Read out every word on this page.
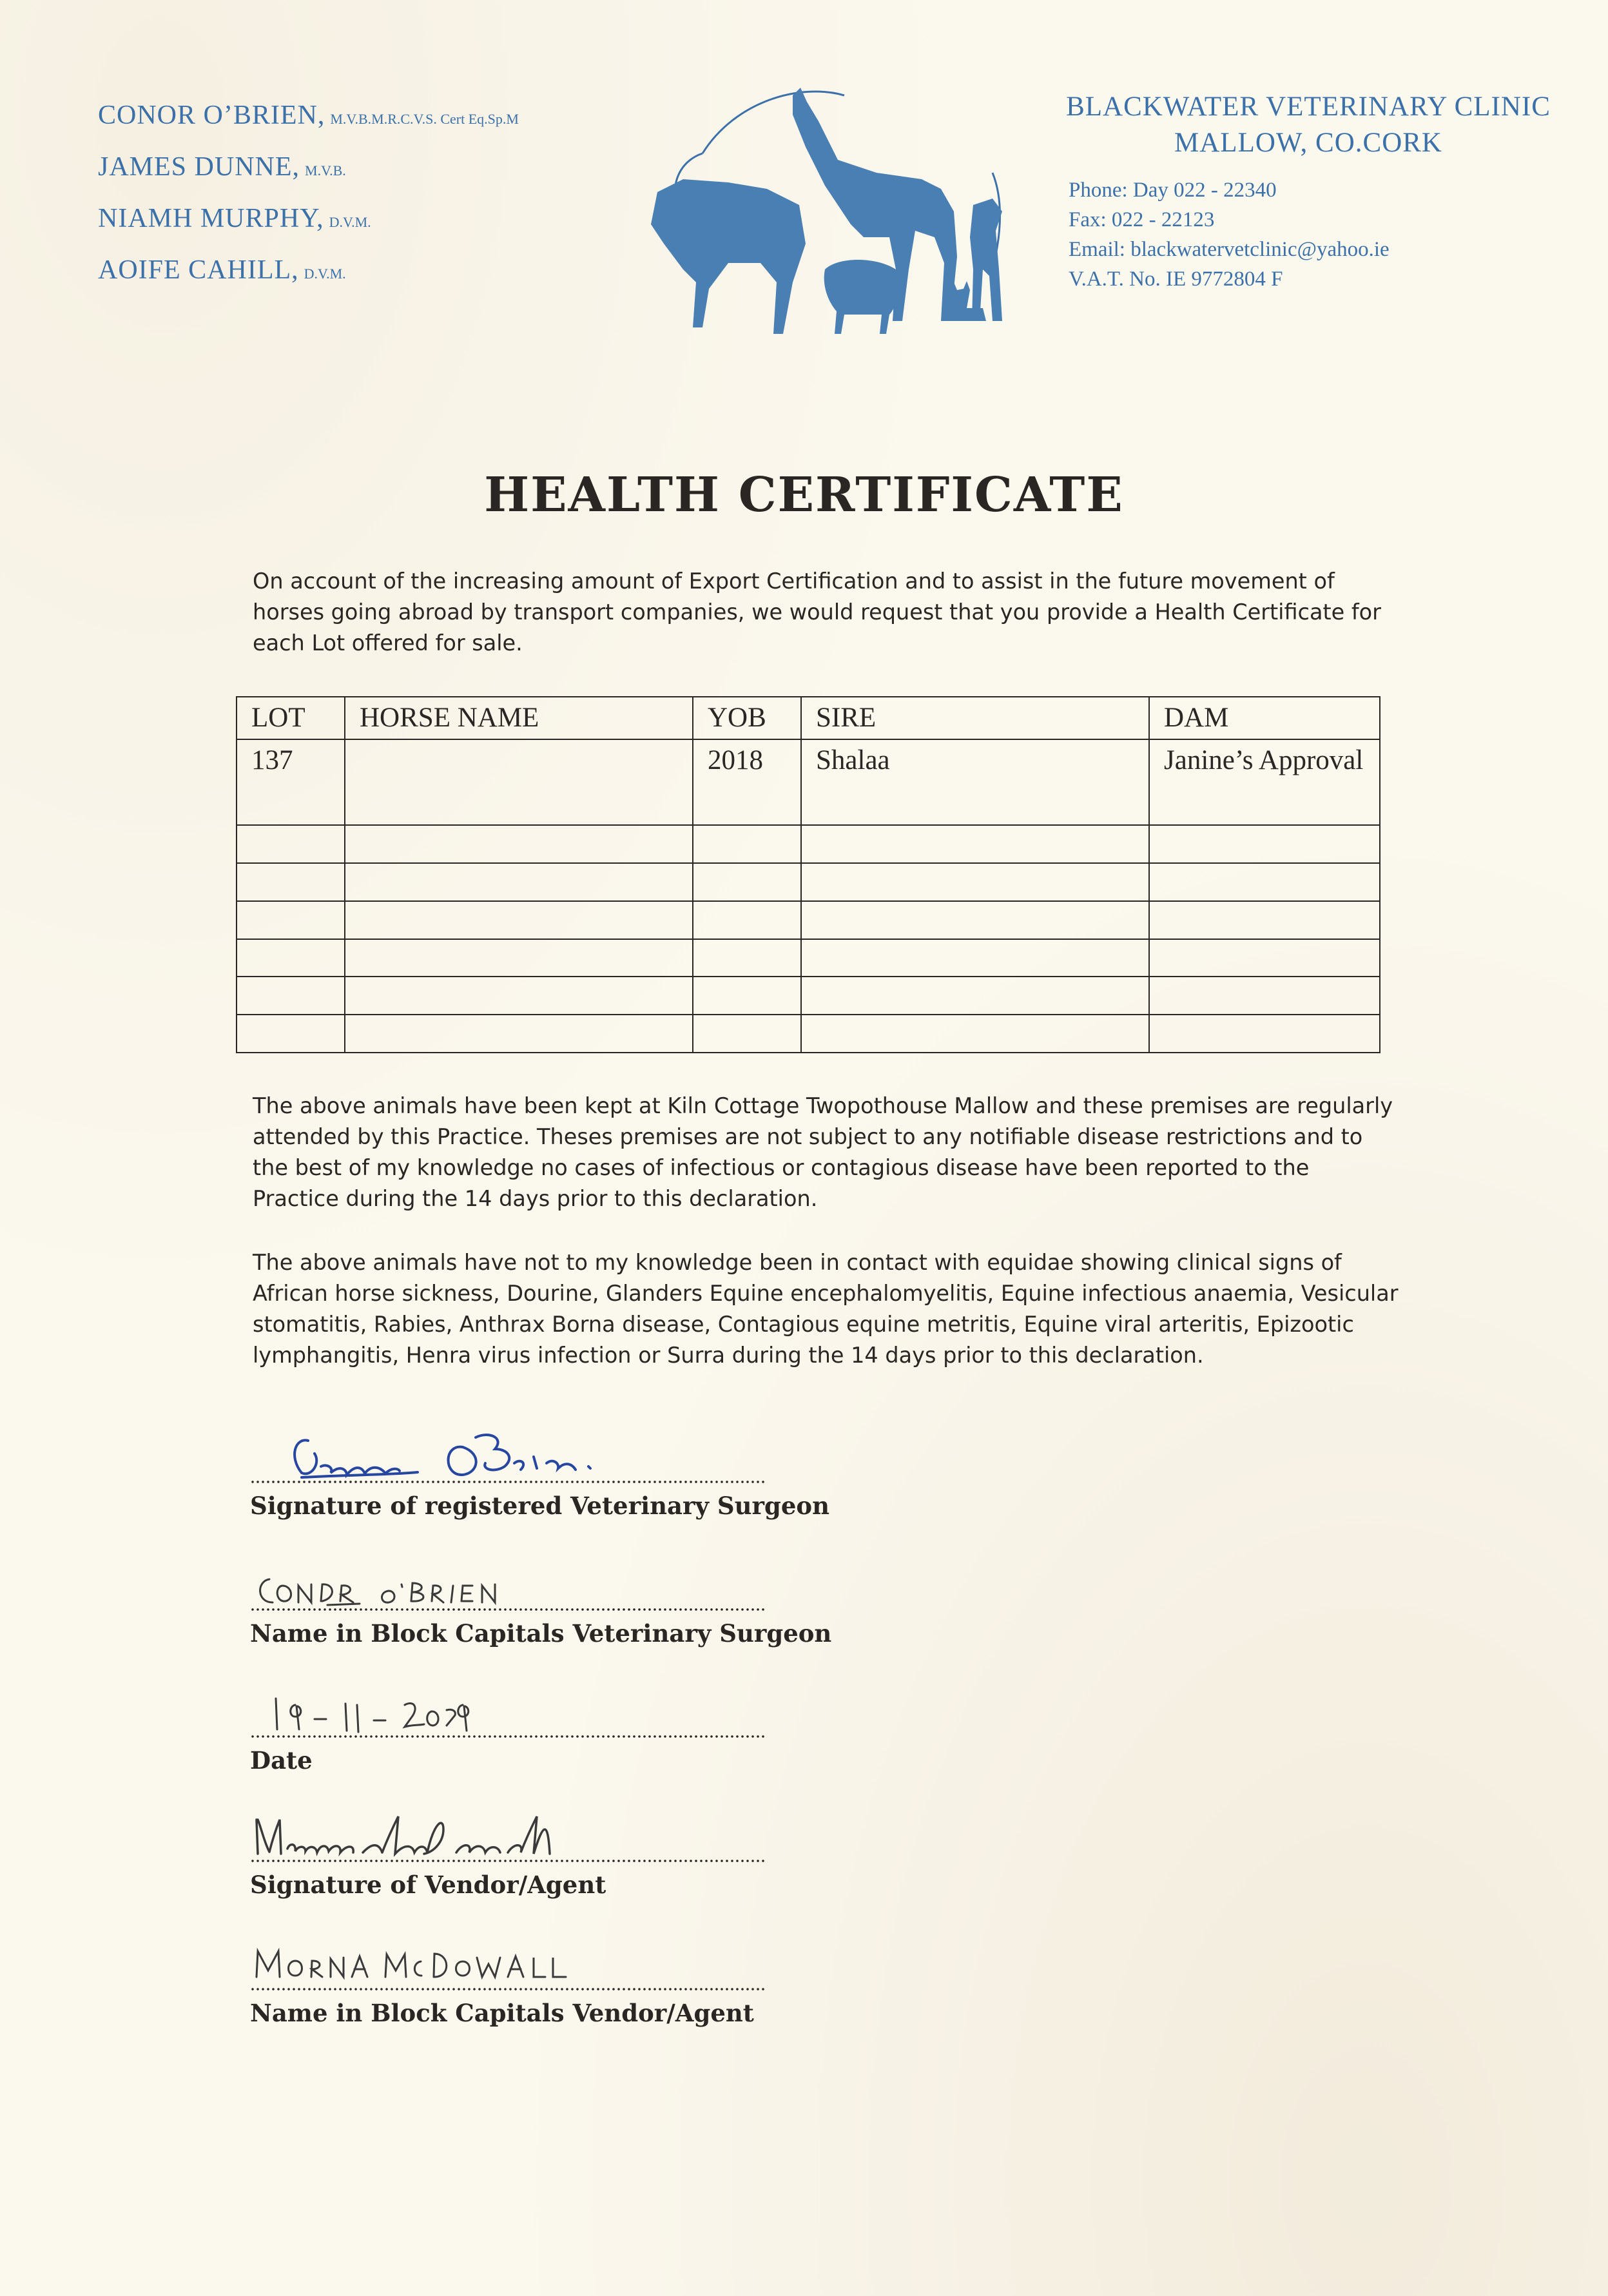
CONOR O’BRIEN, M.V.B.M.R.C.V.S. Cert Eq.Sp.M
JAMES DUNNE, M.V.B.
NIAMH MURPHY, D.V.M.
AOIFE CAHILL, D.V.M.
BLACKWATER VETERINARY CLINIC
MALLOW, CO.CORK
Phone: Day 022 - 22340
Fax: 022 - 22123
Email: blackwatervetclinic@yahoo.ie
V.A.T. No. IE 9772804 F
HEALTH CERTIFICATE
On account of the increasing amount of Export Certification and to assist in the future movement of horses going abroad by transport companies, we would request that you provide a Health Certificate for each Lot offered for sale.
LOT	HORSE NAME	YOB	SIRE	DAM
137		2018	Shalaa	Janine’s Approval

The above animals have been kept at Kiln Cottage Twopothouse Mallow and these premises are regularly attended by this Practice. Theses premises are not subject to any notifiable disease restrictions and to the best of my knowledge no cases of infectious or contagious disease have been reported to the Practice during the 14 days prior to this declaration.
The above animals have not to my knowledge been in contact with equidae showing clinical signs of African horse sickness, Dourine, Glanders Equine encephalomyelitis, Equine infectious anaemia, Vesicular stomatitis, Rabies, Anthrax Borna disease, Contagious equine metritis, Equine viral arteritis, Epizootic lymphangitis, Henra virus infection or Surra during the 14 days prior to this declaration.
Signature of registered Veterinary Surgeon
Name in Block Capitals Veterinary Surgeon
Date
Signature of Vendor/Agent
Name in Block Capitals Vendor/Agent
